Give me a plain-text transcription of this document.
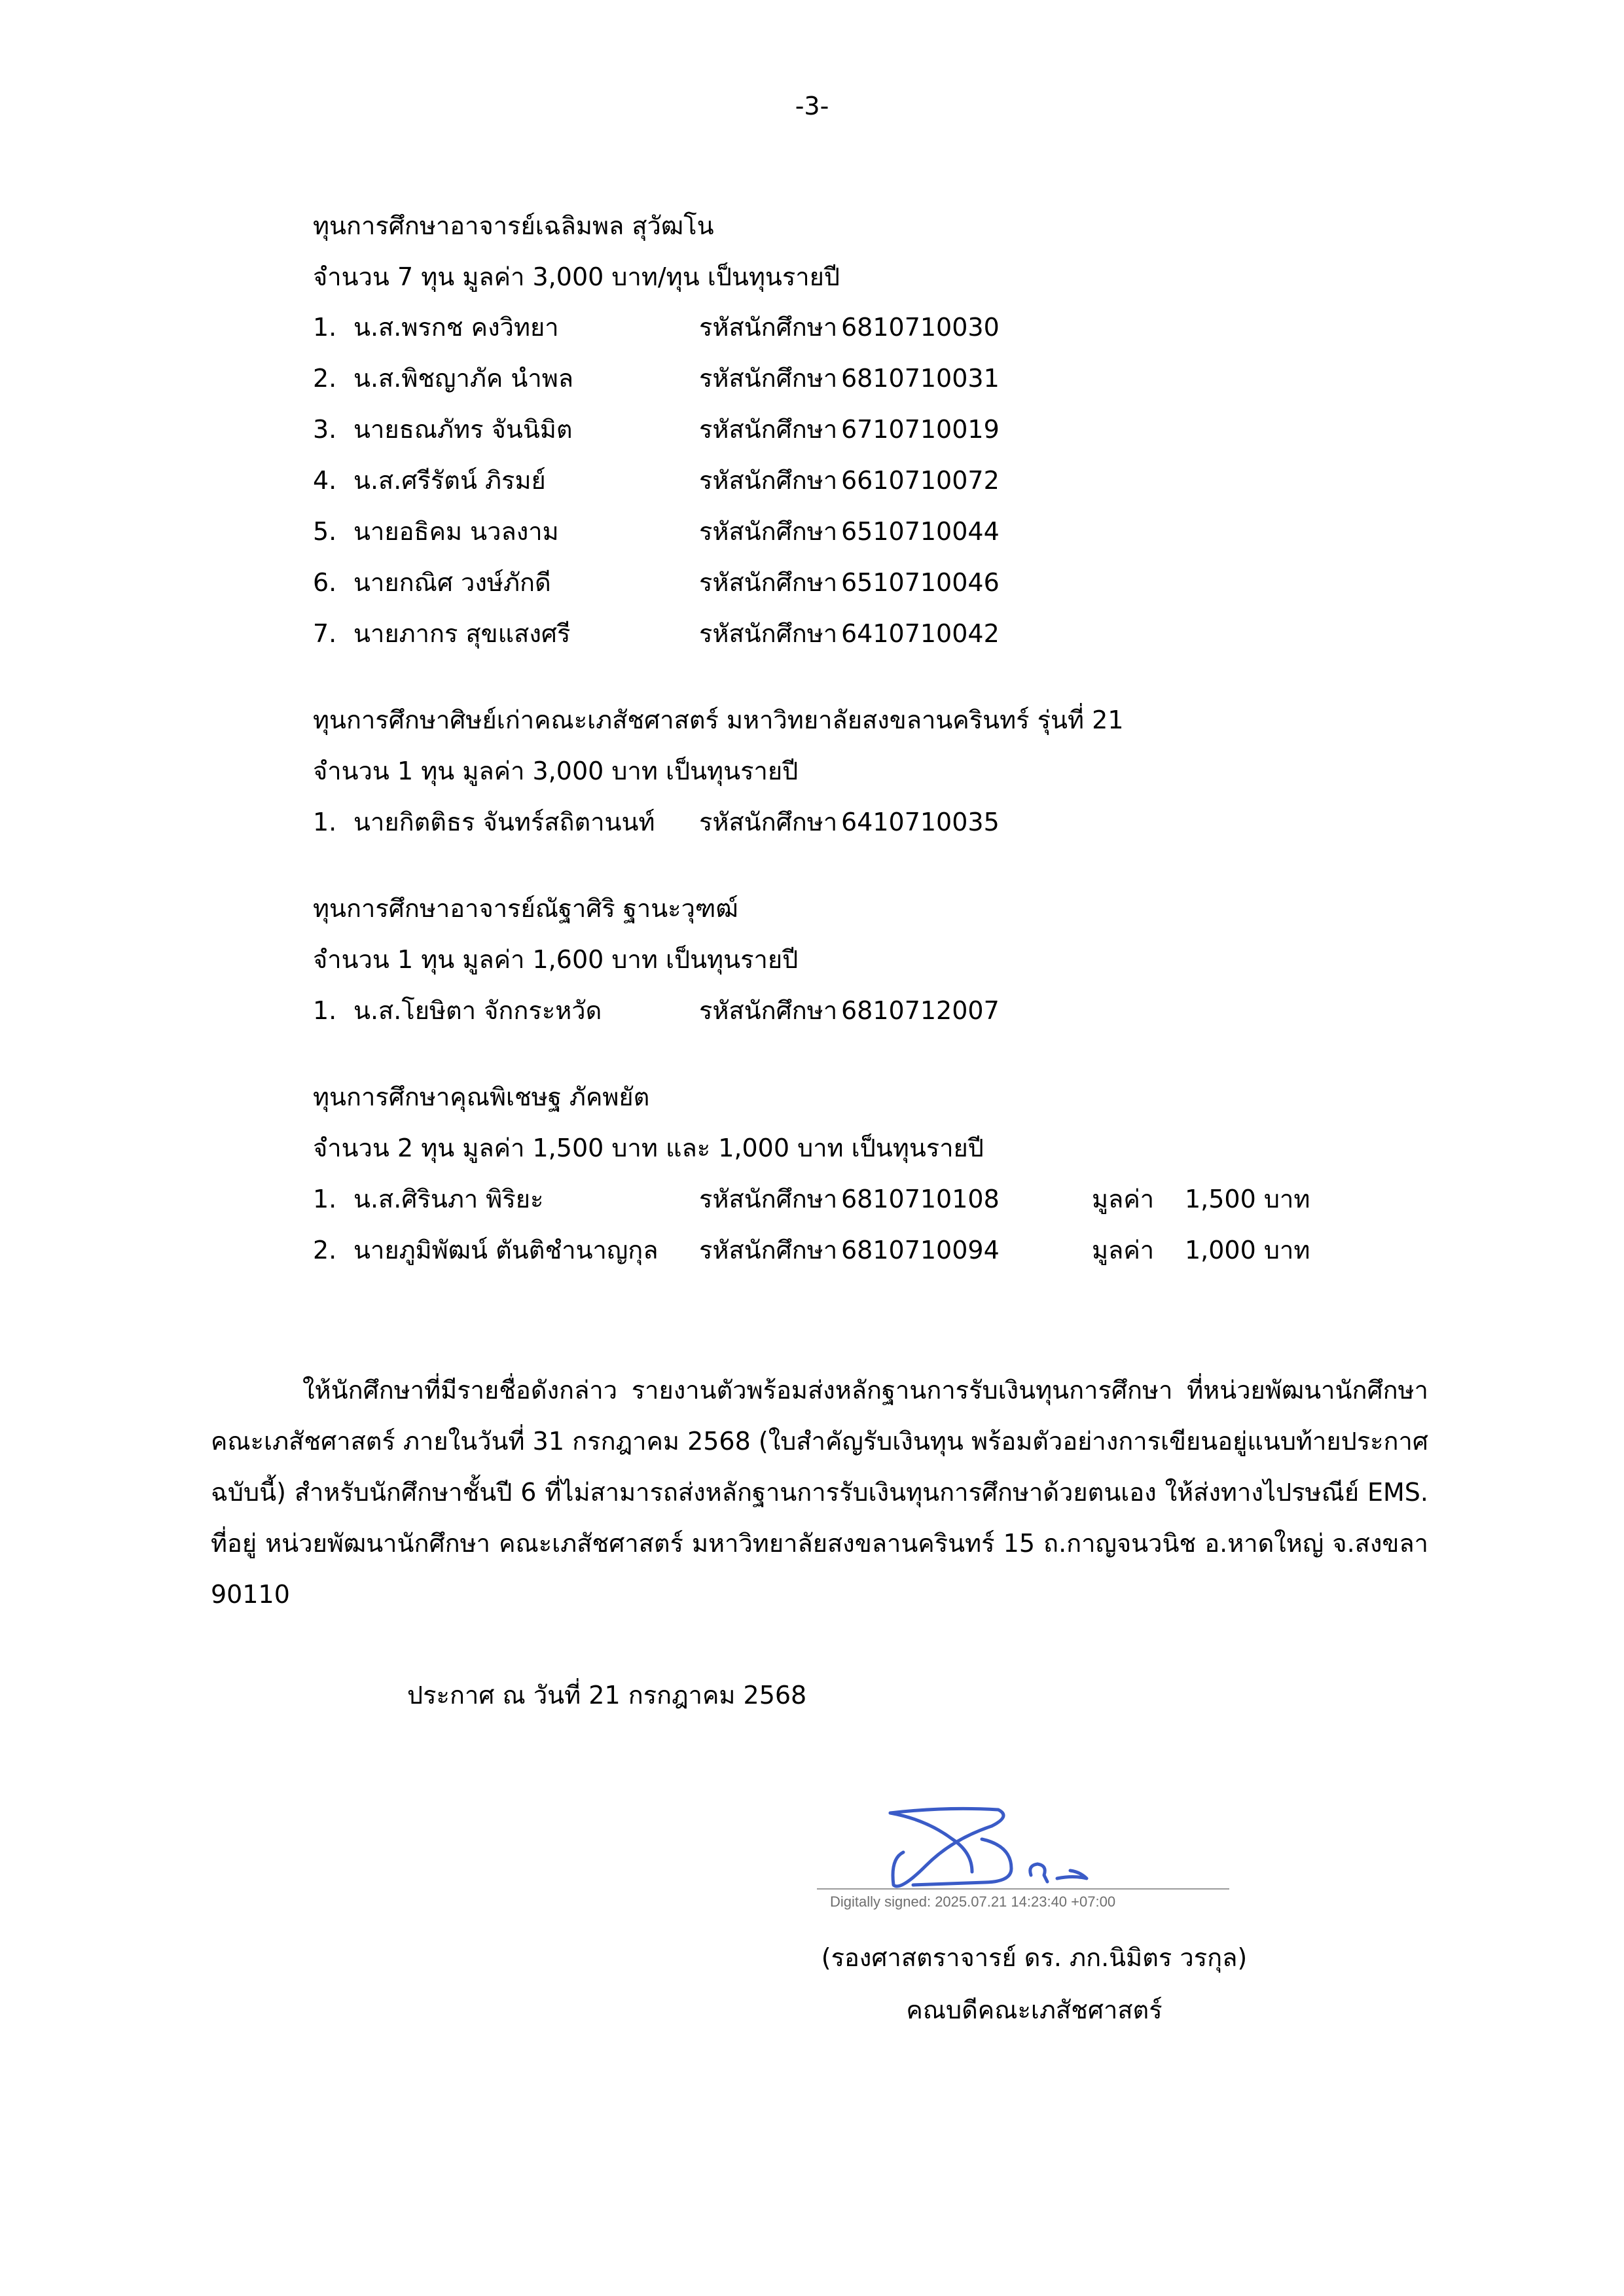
-3-
ทุนการศึกษาอาจารย์เฉลิมพล สุวัฒโน
จำนวน 7 ทุน มูลค่า 3,000 บาท/ทุน เป็นทุนรายปี
1. น.ส.พรกช คงวิทยา	รหัสนักศึกษา 6810710030
2. น.ส.พิชญาภัค นำพล	รหัสนักศึกษา 6810710031
3. นายธณภัทร จันนิมิต	รหัสนักศึกษา 6710710019
4. น.ส.ศรีรัตน์ ภิรมย์	รหัสนักศึกษา 6610710072
5. นายอธิคม นวลงาม	รหัสนักศึกษา 6510710044
6. นายกณิศ วงษ์ภักดี	รหัสนักศึกษา 6510710046
7. นายภากร สุขแสงศรี	รหัสนักศึกษา 6410710042
ทุนการศึกษาศิษย์เก่าคณะเภสัชศาสตร์ มหาวิทยาลัยสงขลานครินทร์ รุ่นที่ 21
จำนวน 1 ทุน มูลค่า 3,000 บาท เป็นทุนรายปี
1. นายกิตติธร จันทร์สถิตานนท์ รหัสนักศึกษา 6410710035
ทุนการศึกษาอาจารย์ณัฐาศิริ ฐานะวุฑฒ์
จำนวน 1 ทุน มูลค่า 1,600 บาท เป็นทุนรายปี
1. น.ส.โยษิตา จักกระหวัด	รหัสนักศึกษา 6810712007
ทุนการศึกษาคุณพิเชษฐ ภัคพยัต
จำนวน 2 ทุน มูลค่า 1,500 บาท และ 1,000 บาท เป็นทุนรายปี
1. น.ส.ศิรินภา พิริยะ	รหัสนักศึกษา 6810710108	มูลค่า 1,500 บาท
2. นายภูมิพัฒน์ ตันติชำนาญกุล รหัสนักศึกษา 6810710094	มูลค่า 1,000 บาท
ให้นักศึกษาที่มีรายชื่อดังกล่าว รายงานตัวพร้อมส่งหลักฐานการรับเงินทุนการศึกษา ที่หน่วยพัฒนานักศึกษา คณะเภสัชศาสตร์ ภายในวันที่ 31 กรกฎาคม 2568 (ใบสำคัญรับเงินทุน พร้อมตัวอย่างการเขียนอยู่แนบท้ายประกาศฉบับนี้) สำหรับนักศึกษาชั้นปี 6 ที่ไม่สามารถส่งหลักฐานการรับเงินทุนการศึกษาด้วยตนเอง ให้ส่งทางไปรษณีย์ EMS. ที่อยู่ หน่วยพัฒนานักศึกษา คณะเภสัชศาสตร์ มหาวิทยาลัยสงขลานครินทร์ 15 ถ.กาญจนวนิช อ.หาดใหญ่ จ.สงขลา 90110
ประกาศ ณ วันที่ 21 กรกฎาคม 2568
Digitally signed: 2025.07.21 14:23:40 +07:00
(รองศาสตราจารย์ ดร. ภก.นิมิตร วรกุล)
คณบดีคณะเภสัชศาสตร์
